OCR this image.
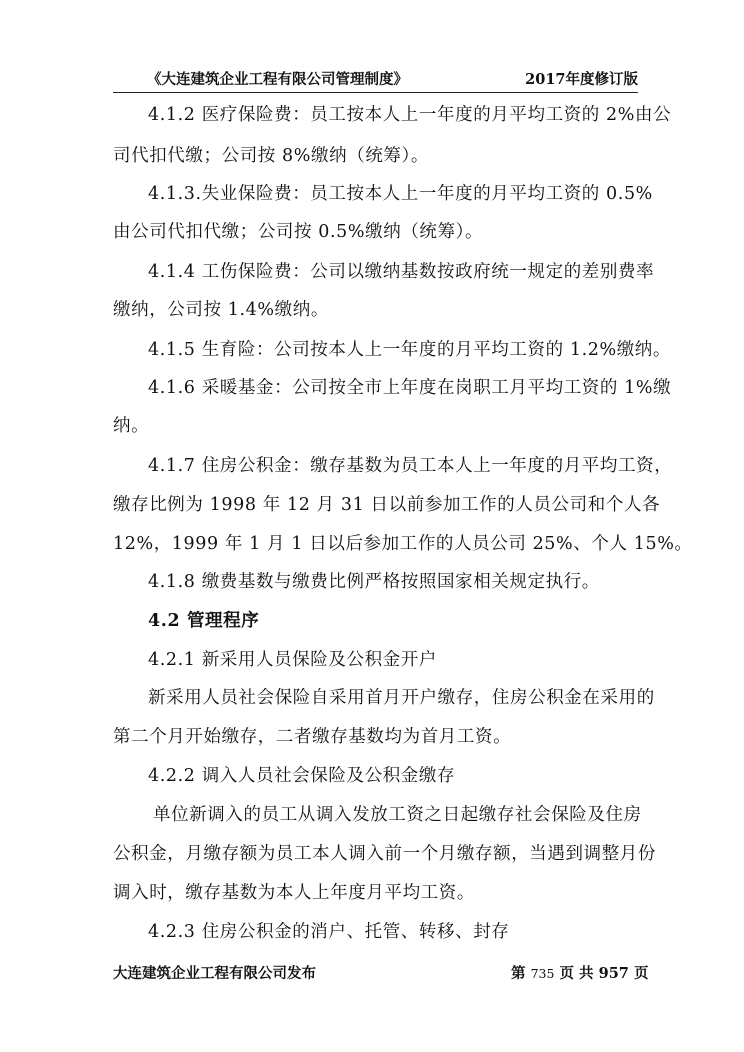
《大连建筑企业工程有限公司管理制度》	2017年度修订版
4.1.2 医疗保险费：员工按本人上一年度的月平均工资的 2%由公
司代扣代缴；公司按 8%缴纳（统筹）。
4.1.3.失业保险费：员工按本人上一年度的月平均工资的 0.5%
由公司代扣代缴；公司按 0.5%缴纳（统筹）。
4.1.4 工伤保险费：公司以缴纳基数按政府统一规定的差别费率
缴纳，公司按 1.4%缴纳。
4.1.5 生育险：公司按本人上一年度的月平均工资的 1.2%缴纳。
4.1.6 采暖基金：公司按全市上年度在岗职工月平均工资的 1%缴
纳。
4.1.7 住房公积金：缴存基数为员工本人上一年度的月平均工资，
缴存比例为 1998 年 12 月 31 日以前参加工作的人员公司和个人各
12%，1999 年 1 月 1 日以后参加工作的人员公司 25%、个人 15%。
4.1.8 缴费基数与缴费比例严格按照国家相关规定执行。
4.2 管理程序
4.2.1 新采用人员保险及公积金开户
新采用人员社会保险自采用首月开户缴存，住房公积金在采用的
第二个月开始缴存，二者缴存基数均为首月工资。
4.2.2 调入人员社会保险及公积金缴存
单位新调入的员工从调入发放工资之日起缴存社会保险及住房
公积金，月缴存额为员工本人调入前一个月缴存额，当遇到调整月份
调入时，缴存基数为本人上年度月平均工资。
4.2.3 住房公积金的消户、托管、转移、封存
大连建筑企业工程有限公司发布	第 735 页 共 957 页
